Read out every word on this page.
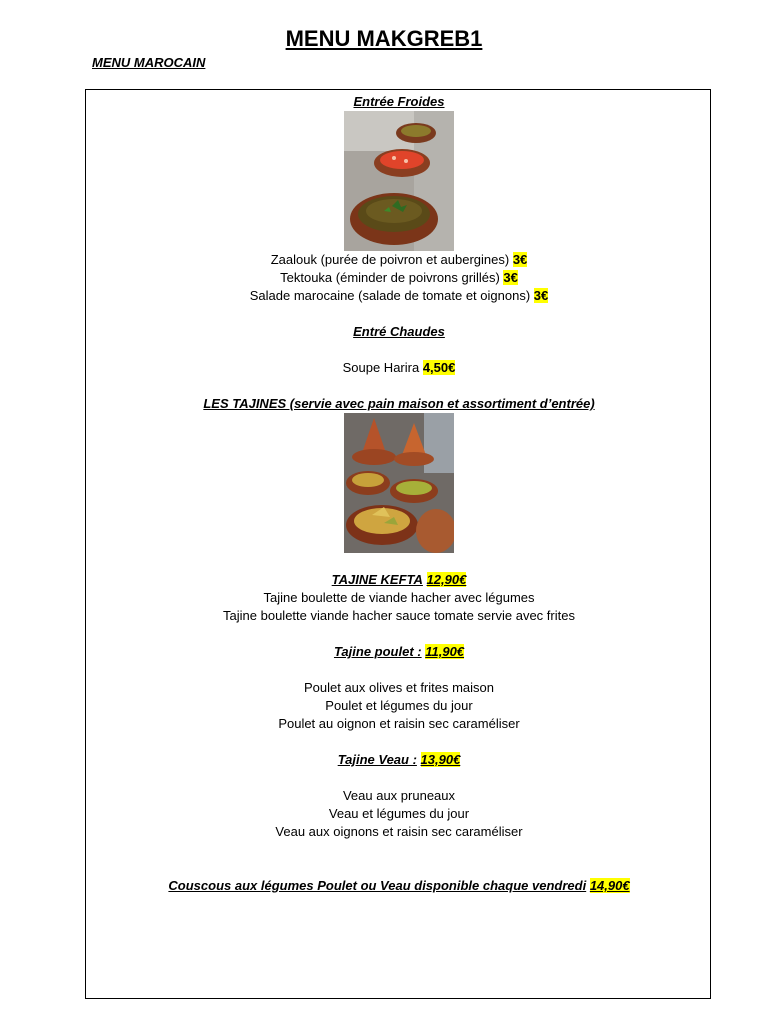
MENU MAKGREB1
MENU MAROCAIN
Entrée Froides
Zaalouk (purée de poivron et aubergines) 3€
Tektouka (éminder de poivrons grillés) 3€
Salade marocaine (salade de tomate et oignons) 3€
Entré Chaudes
Soupe Harira 4,50€
LES TAJINES (servie avec pain maison et assortiment d’entrée)
TAJINE KEFTA 12,90€
Tajine boulette de viande hacher avec légumes
Tajine boulette viande hacher sauce tomate servie avec frites
Tajine poulet : 11,90€
Poulet aux olives et frites maison
Poulet et légumes du jour
Poulet au oignon et raisin sec caraméliser
Tajine Veau : 13,90€
Veau aux pruneaux
Veau et légumes du jour
Veau aux oignons et raisin sec caraméliser
Couscous aux légumes Poulet ou Veau disponible chaque vendredi 14,90€
